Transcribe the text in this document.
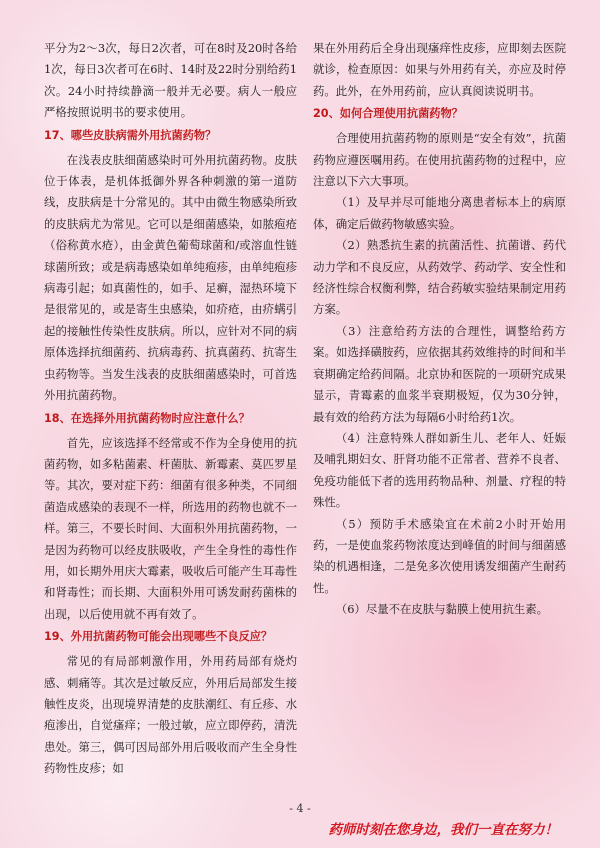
平分为2～3次，每日2次者，可在8时及20时各给1次，每日3次者可在6时、14时及22时分别给药1次。24小时持续静滴一般并无必要。病人一般应严格按照说明书的要求使用。

17、哪些皮肤病需外用抗菌药物？

在浅表皮肤细菌感染时可外用抗菌药物。皮肤位于体表，是机体抵御外界各种刺激的第一道防线，皮肤病是十分常见的。其中由微生物感染所致的皮肤病尤为常见。它可以是细菌感染，如脓疱疮（俗称黄水疮），由金黄色葡萄球菌和/或溶血性链球菌所致；或是病毒感染如单纯疱疹，由单纯疱疹病毒引起；如真菌性的，如手、足癣，湿热环境下是很常见的，或是寄生虫感染，如疥疮，由疥螨引起的接触性传染性皮肤病。所以，应针对不同的病原体选择抗细菌药、抗病毒药、抗真菌药、抗寄生虫药物等。当发生浅表的皮肤细菌感染时，可首选外用抗菌药物。

18、在选择外用抗菌药物时应注意什么？

首先，应该选择不经常或不作为全身使用的抗菌药物，如多粘菌素、杆菌肽、新霉素、莫匹罗星等。其次，要对症下药：细菌有很多种类，不同细菌造成感染的表现不一样，所选用的药物也就不一样。第三，不要长时间、大面积外用抗菌药物，一是因为药物可以经皮肤吸收，产生全身性的毒性作用，如长期外用庆大霉素，吸收后可能产生耳毒性和肾毒性；而长期、大面积外用可诱发耐药菌株的出现，以后使用就不再有效了。

19、外用抗菌药物可能会出现哪些不良反应？

常见的有局部刺激作用，外用药局部有烧灼感、刺痛等。其次是过敏反应，外用后局部发生接触性皮炎，出现境界清楚的皮肤潮红、有丘疹、水疱渗出，自觉瘙痒；一般过敏，应立即停药，清洗患处。第三，偶可因局部外用后吸收而产生全身性药物性皮疹；如

果在外用药后全身出现瘙痒性皮疹，应即刻去医院就诊，检查原因：如果与外用药有关，亦应及时停药。此外，在外用药前，应认真阅读说明书。

20、如何合理使用抗菌药物？

合理使用抗菌药物的原则是“安全有效”，抗菌药物应遵医嘱用药。在使用抗菌药物的过程中，应注意以下六大事项。

（1）及早并尽可能地分离患者标本上的病原体，确定后做药物敏感实验。

（2）熟悉抗生素的抗菌活性、抗菌谱、药代动力学和不良反应，从药效学、药动学、安全性和经济性综合权衡利弊，结合药敏实验结果制定用药方案。

（3）注意给药方法的合理性，调整给药方案。如选择磺胺药，应依据其药效维持的时间和半衰期确定给药间隔。北京协和医院的一项研究成果显示，青霉素的血浆半衰期极短，仅为30分钟，最有效的给药方法为每隔6小时给药1次。

（4）注意特殊人群如新生儿、老年人、妊娠及哺乳期妇女、肝肾功能不正常者、营养不良者、免疫功能低下者的选用药物品种、剂量、疗程的特殊性。

（5）预防手术感染宜在术前2小时开始用药，一是使血浆药物浓度达到峰值的时间与细菌感染的机遇相逢，二是免多次使用诱发细菌产生耐药性。

（6）尽量不在皮肤与黏膜上使用抗生素。

- 4 -
药师时刻在您身边，我们一直在努力！
